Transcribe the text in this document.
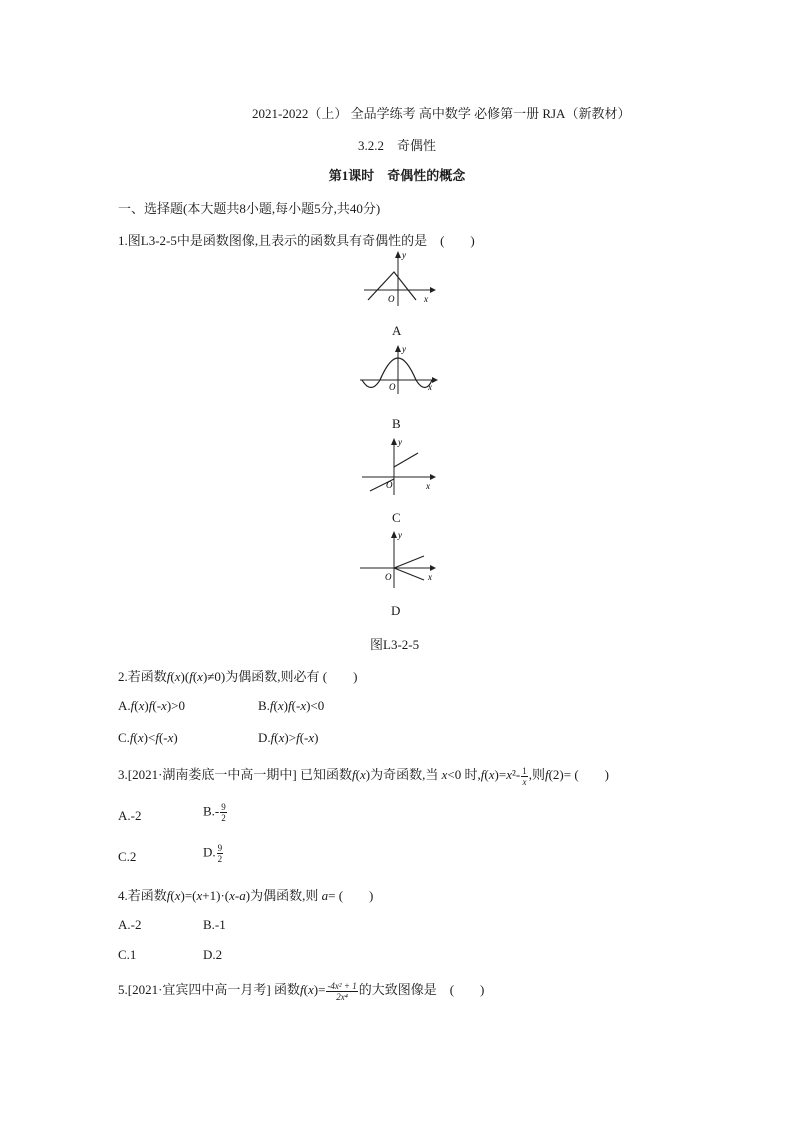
2021-2022（上） 全品学练考 高中数学 必修第一册 RJA（新教材）
3.2.2　奇偶性
第1课时　奇偶性的概念
一、选择题(本大题共8小题,每小题5分,共40分)
1.图L3-2-5中是函数图像,且表示的函数具有奇偶性的是　(　　)
y
x
O
A
y
x
O
B
y
x
O
C
y
x
O
D
图L3-2-5
2.若函数f(x)(f(x)≠0)为偶函数,则必有 (　　)
A.f(x)f(-x)>0	B.f(x)f(-x)<0
C.f(x)<f(-x)	D.f(x)>f(-x)
3.[2021·湖南娄底一中高一期中] 已知函数f(x)为奇函数,当 x<0 时$,f(x)=x^2- \frac{1}{x}$ ,则f(2)= (　　)
A.-2	$B.- \frac{9}{2}$
C.2	D. $\frac{9}{2}$
4.若函数f(x)=(x+1)·(x-a)为偶函数,则 a= (　　)
A.-2	B.-1
C.1	D.2
5.[2021·宜宾四中高一月考] 函数$f(x)= \frac{\text{-4x² + 1}}{\text{2x⁴}}$ 的大致图像是　(　　)
